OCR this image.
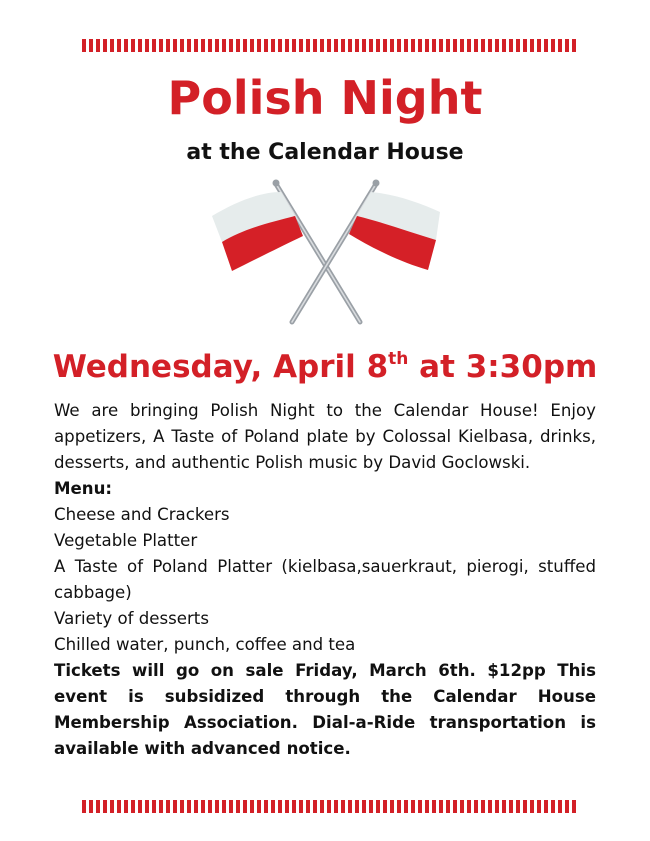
Polish Night
at the Calendar House
Wednesday, April 8th at 3:30pm

We are bringing Polish Night to the Calendar House! Enjoy appetizers, A Taste of Poland plate by Colossal Kielbasa, drinks, desserts, and authentic Polish music by David Goclowski.

Menu:

Cheese and Crackers

Vegetable Platter

A Taste of Poland Platter (kielbasa,sauerkraut, pierogi, stuffed cabbage)

Variety of desserts

Chilled water, punch, coffee and tea

Tickets will go on sale Friday, March 6th. $12pp This event is subsidized through the Calendar House Membership Association. Dial-a-Ride transportation is available with advanced notice.
